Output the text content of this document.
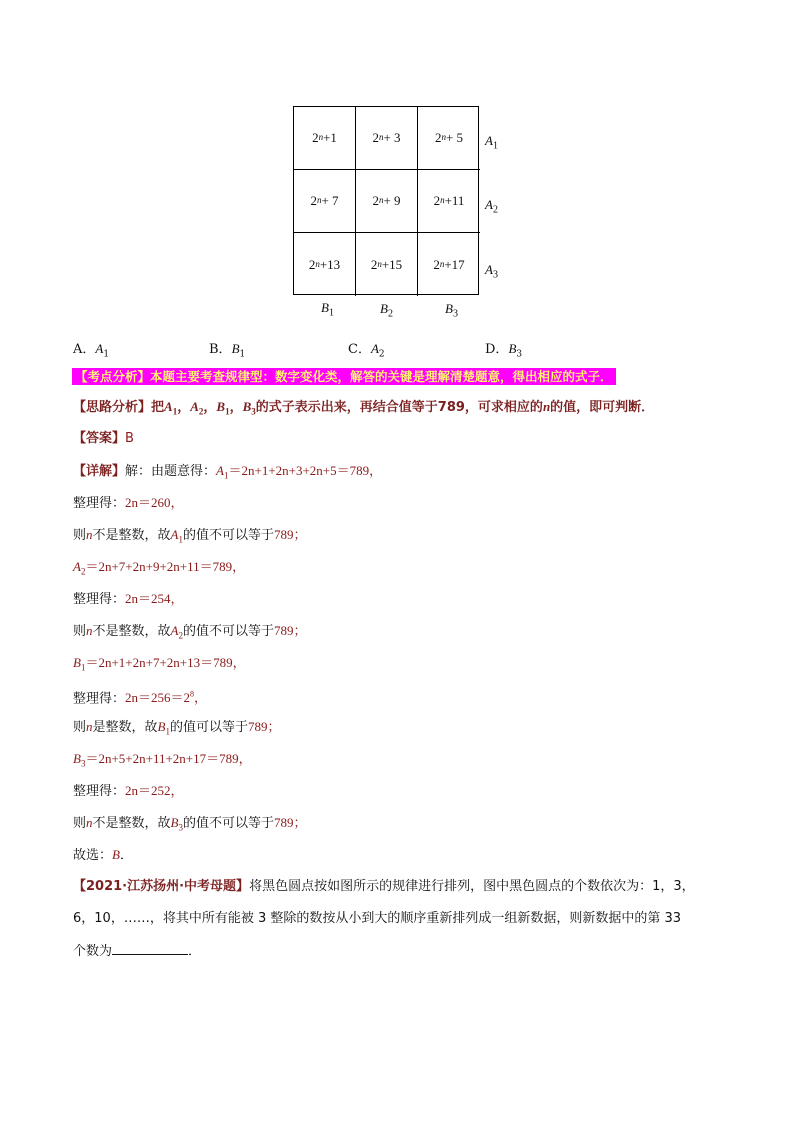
$2^n +1$	$2^n + 3$	$2^n + 5$
$2^n + 7$	$2^n + 9$	$2^n +11$
$2^n +13$ $2^n +15$ $2^n +17$
$A_1$
$A_2$
$A_3$
$B_1$	$B_2$	$B_3$
A．$A_1$	B．$B_1$	C．$A_2$	D．$B_3$
【考点分析】本题主要考查规律型：数字变化类，解答的关键是理解清楚题意，得出相应的式子．
【思路分析】把$A_1$，$A_2$，$B_1$，$B_3$的式子表示出来，再结合值等于789，可求相应的n的值，即可判断．
【答案】B
【详解】解：由题意得：$A_1=2n+1+2n+3+2n+5=789$，
整理得：2n＝260，
则n不是整数，故$A_1$的值不可以等于789；
$A_2=2n+7+2n+9+2n+11=789$，
整理得：2n＝254，
则n不是整数，故$A_2$的值不可以等于789；
$B_1=2n+1+2n+7+2n+13=789$，
整理得：$2n=256=2^8$，
则n是整数，故$B_1$的值可以等于789；
$B_3=2n+5+2n+11+2n+17=789$，
整理得：2n＝252，
则n不是整数，故$B_3$的值不可以等于789；
故选：B．
【2021·江苏扬州·中考母题】将黑色圆点按如图所示的规律进行排列，图中黑色圆点的个数依次为：1，3，
6，10，……，将其中所有能被 3 整除的数按从小到大的顺序重新排列成一组新数据，则新数据中的第 33
个数为	．
